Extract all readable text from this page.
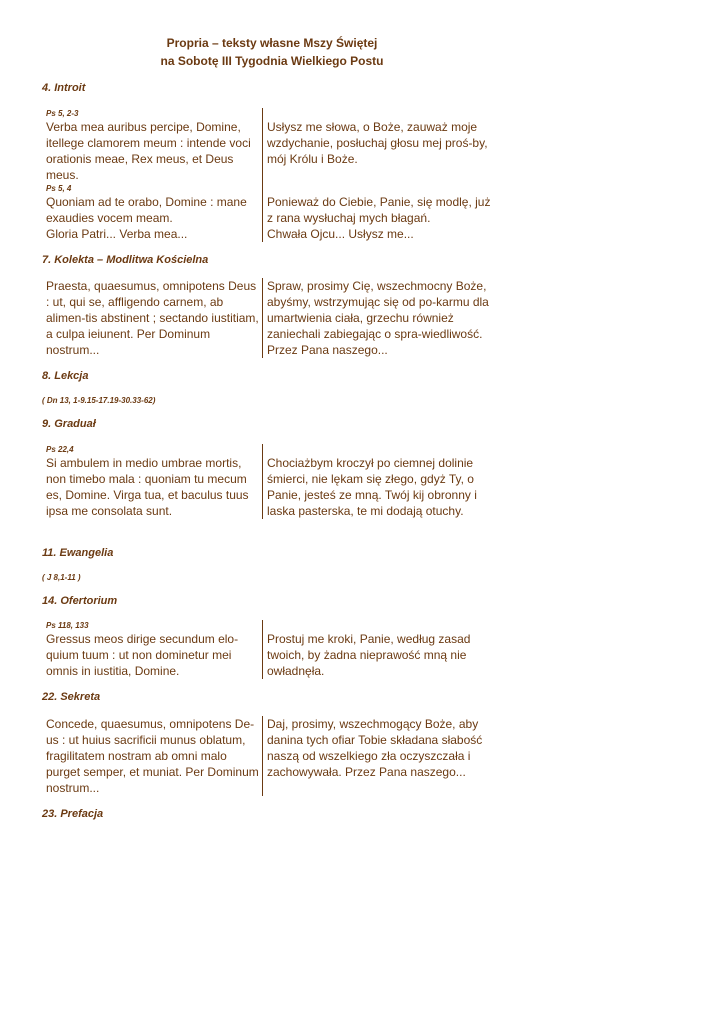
Propria – teksty własne Mszy Świętej
na Sobotę III Tygodnia Wielkiego Postu
4. Introit
Ps 5, 2-3
Verba mea auribus percipe, Domine, itellege clamorem meum : intende voci orationis meae, Rex meus, et Deus meus.

Usłysz me słowa, o Boże, zauważ moje wzdychanie, posłuchaj głosu mej proś-by, mój Królu i Boże.
Ps 5, 4
Quoniam ad te orabo, Domine : mane exaudies vocem meam.
Gloria Patri... Verba mea...

Ponieważ do Ciebie, Panie, się modlę, już z rana wysłuchaj mych błagań.
Chwała Ojcu... Usłysz me...
7. Kolekta – Modlitwa Kościelna
Praesta, quaesumus, omnipotens Deus : ut, qui se, affligendo carnem, ab alimen-tis abstinent ; sectando iustitiam, a culpa ieiunent. Per Dominum nostrum...
Spraw, prosimy Cię, wszechmocny Boże, abyśmy, wstrzymując się od po-karmu dla umartwienia ciała, grzechu również zaniechali zabiegając o spra-wiedliwość. Przez Pana naszego...
8. Lekcja
( Dn 13, 1-9.15-17.19-30.33-62)
9. Graduał
Ps 22,4
Si ambulem in medio umbrae mortis, non timebo mala : quoniam tu mecum es, Domine. Virga tua, et baculus tuus ipsa me consolata sunt.

Chociażbym kroczył po ciemnej dolinie śmierci, nie lękam się złego, gdyż Ty, o Panie, jesteś ze mną. Twój kij obronny i laska pasterska, te mi dodają otuchy.
11. Ewangelia
( J 8,1-11 )
14. Ofertorium
Ps 118, 133
Gressus meos dirige secundum elo-quium tuum : ut non dominetur mei omnis in iustitia, Domine.

Prostuj me kroki, Panie, według zasad twoich, by żadna nieprawość mną nie owładnęła.
22. Sekreta
Concede, quaesumus, omnipotens De-us : ut huius sacrificii munus oblatum, fragilitatem nostram ab omni malo purget semper, et muniat. Per Dominum nostrum...
Daj, prosimy, wszechmogący Boże, aby danina tych ofiar Tobie składana słabość naszą od wszelkiego zła oczyszczała i zachowywała. Przez Pana naszego...
23. Prefacja
